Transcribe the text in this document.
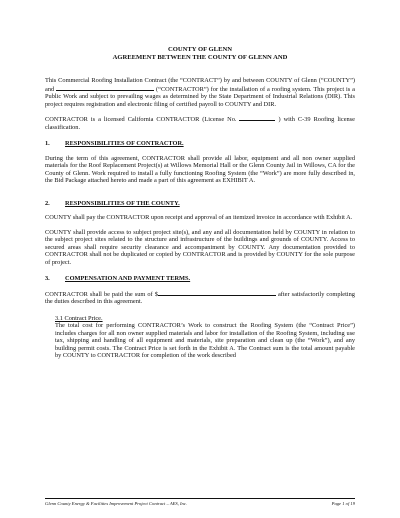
COUNTY OF GLENN
AGREEMENT BETWEEN THE COUNTY OF GLENN AND

This Commercial Roofing Installation Contract (the “CONTRACT”) by and between COUNTY of Glenn (“COUNTY”) and	(“CONTRACTOR”) for the installation of a roofing system. This project is a Public Work and subject to prevailing wages as determined by the State Department of Industrial Relations (DIR). This project requires registration and electronic filing of certified payroll to COUNTY and DIR.

CONTRACTOR is a licensed California CONTRACTOR (License No.	) with C-39 Roofing license classification.

1.	RESPONSIBILITIES OF CONTRACTOR.

During the term of this agreement, CONTRACTOR shall provide all labor, equipment and all non owner supplied materials for the Roof Replacement Project(s) at Willows Memorial Hall or the Glenn County Jail in Willows, CA for the County of Glenn. Work required to install a fully functioning Roofing System (the “Work”) are more fully described in, the Bid Package attached hereto and made a part of this agreement as EXHIBIT A.

2.	RESPONSIBILITIES OF THE COUNTY.

COUNTY shall pay the CONTRACTOR upon receipt and approval of an itemized invoice in accordance with Exhibit A.

COUNTY shall provide access to subject project site(s), and any and all documentation held by COUNTY in relation to the subject project sites related to the structure and infrastructure of the buildings and grounds of COUNTY. Access to secured areas shall require security clearance and accompaniment by COUNTY. Any documentation provided to CONTRACTOR shall not be duplicated or copied by CONTRACTOR and is provided by COUNTY for the sole purpose of project.

3.	COMPENSATION AND PAYMENT TERMS.

CONTRACTOR shall be paid the sum of $	after satisfactorily completing the duties described in this agreement.

3.1 Contract Price.

The total cost for performing CONTRACTOR’s Work to construct the Roofing System (the “Contract Price”) includes charges for all non owner supplied materials and labor for installation of the Roofing System, including use tax, shipping and handling of all equipment and materials, site preparation and clean up (the “Work”), and any building permit costs. The Contract Price is set forth in the Exhibit A. The Contract sum is the total amount payable by COUNTY to CONTRACTOR for completion of the work described

Glenn County Energy & Facilities Improvement Project Contract – AES, Inc.	Page 1 of 19
